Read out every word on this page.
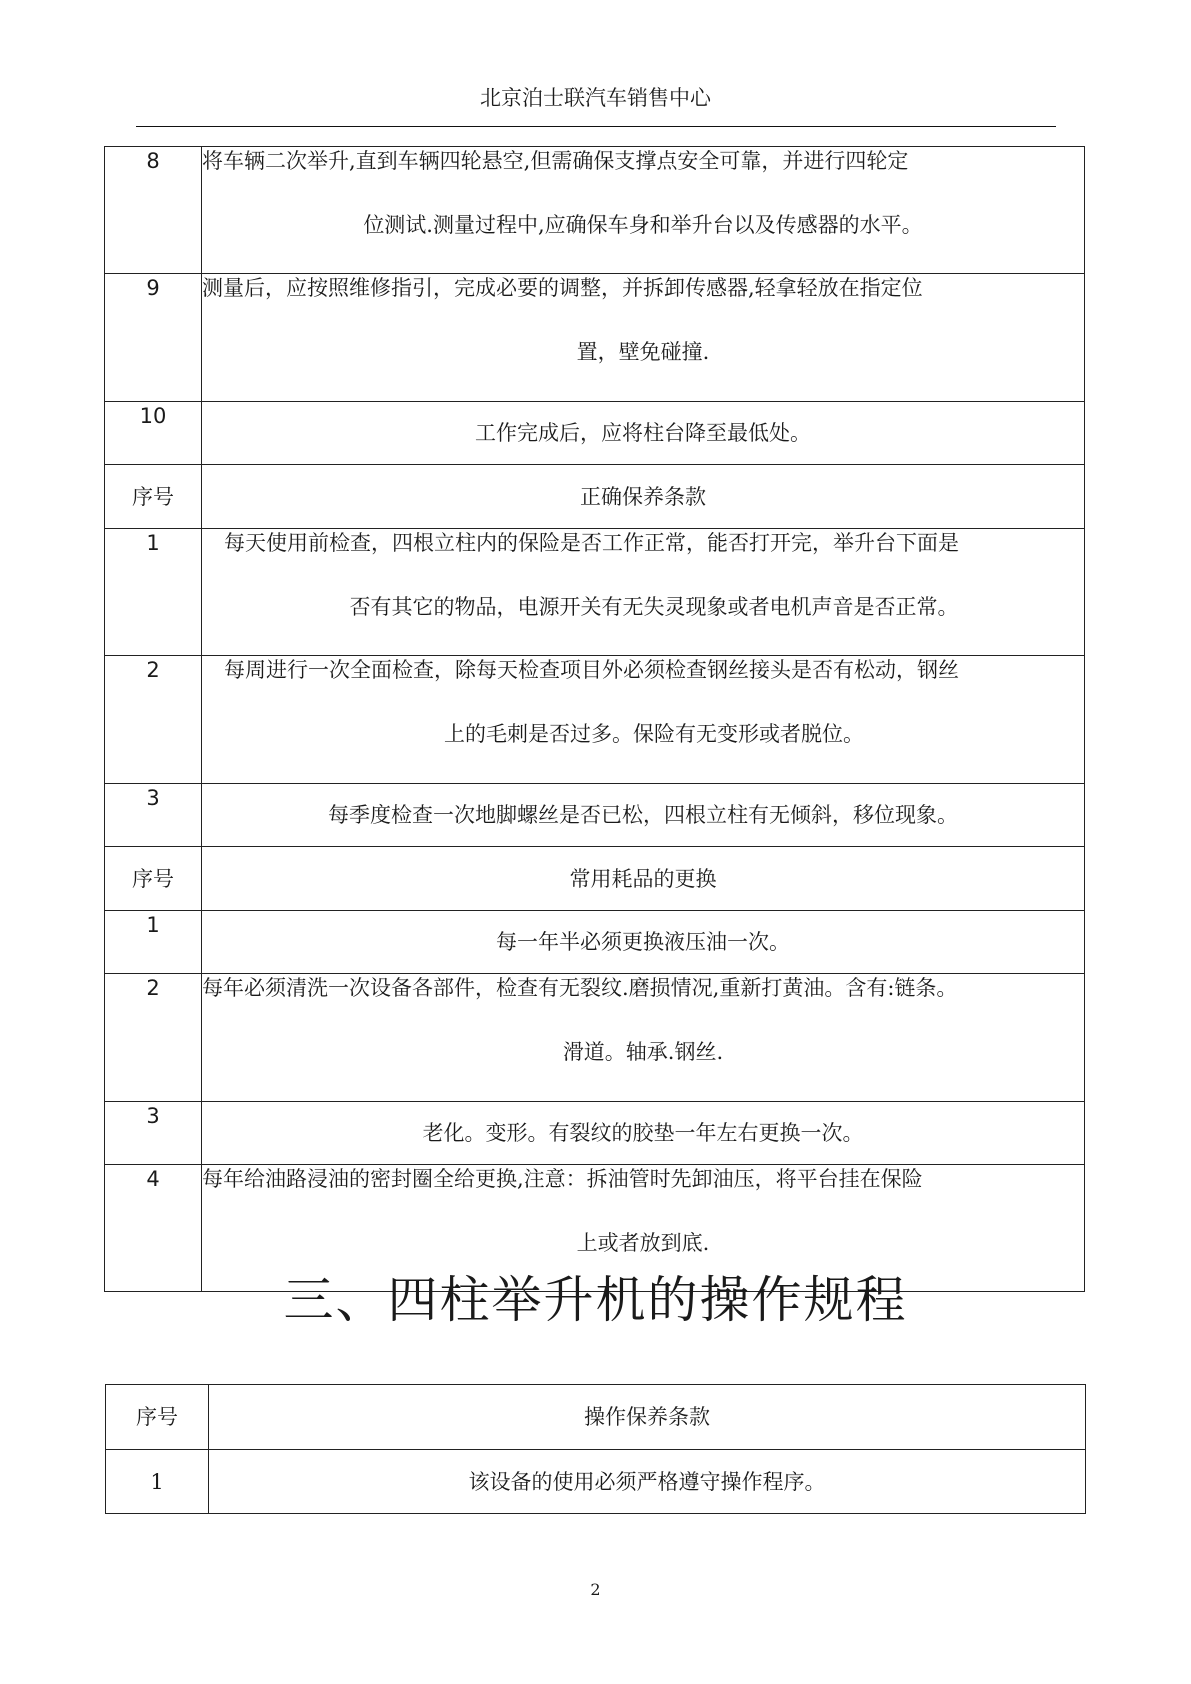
北京泊士联汽车销售中心
8	将车辆二次举升,直到车辆四轮悬空,但需确保支撑点安全可靠，并进行四轮定
位测试.测量过程中,应确保车身和举升台以及传感器的水平。

9	测量后，应按照维修指引，完成必要的调整，并拆卸传感器,轻拿轻放在指定位
置，壁免碰撞.

10	工作完成后，应将柱台降至最低处。
序号	正确保养条款
1	每天使用前检查，四根立柱内的保险是否工作正常，能否打开完，举升台下面是
否有其它的物品，电源开关有无失灵现象或者电机声音是否正常。

2	每周进行一次全面检查，除每天检查项目外必须检查钢丝接头是否有松动，钢丝
上的毛刺是否过多。保险有无变形或者脱位。

3	每季度检查一次地脚螺丝是否已松，四根立柱有无倾斜，移位现象。
序号	常用耗品的更换
1	每一年半必须更换液压油一次。
2	每年必须清洗一次设备各部件，检查有无裂纹.磨损情况,重新打黄油。含有:链条。
滑道。轴承.钢丝.

3	老化。变形。有裂纹的胶垫一年左右更换一次。
4	每年给油路浸油的密封圈全给更换,注意：拆油管时先卸油压，将平台挂在保险
上或者放到底.
三、四柱举升机的操作规程
序号	操作保养条款
1	该设备的使用必须严格遵守操作程序。
2
